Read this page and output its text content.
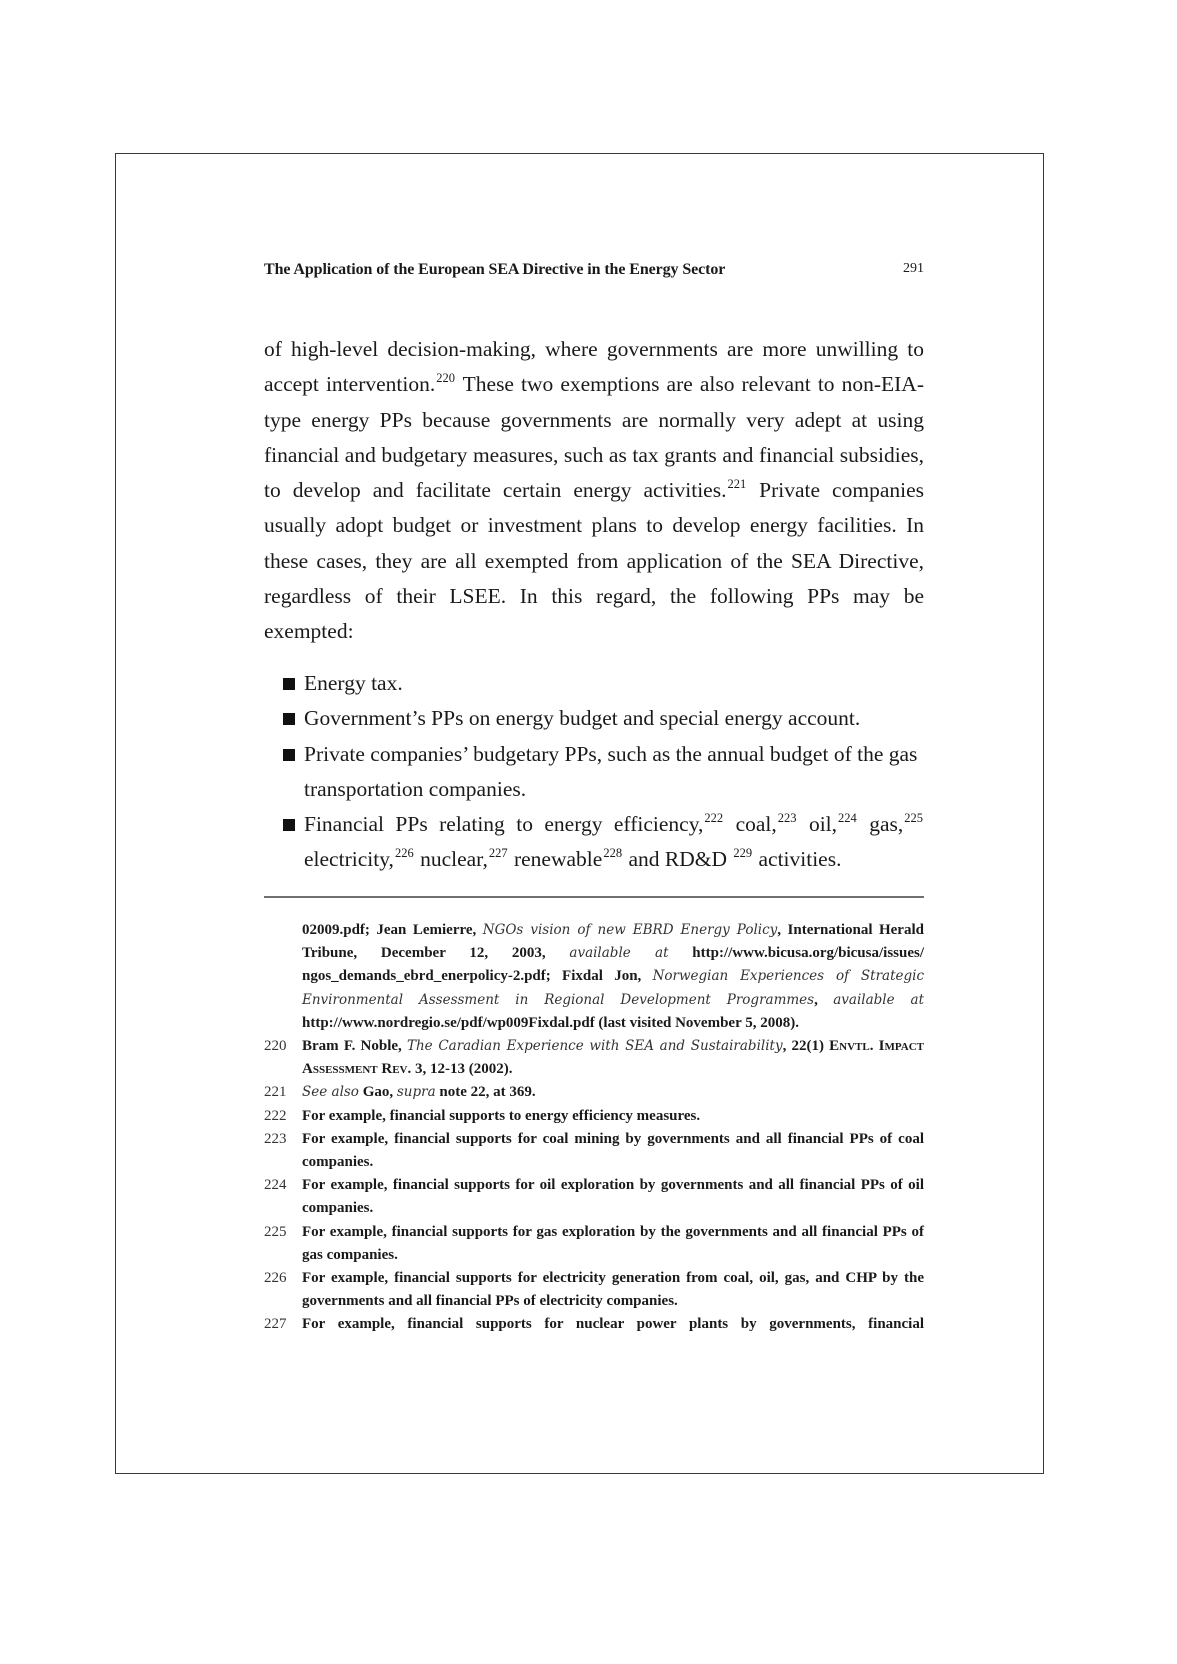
The Application of the European SEA Directive in the Energy Sector	291

of high-level decision-making, where governments are more unwilling to accept intervention.$^{220}$ These two exemptions are also relevant to non-EIA-type energy PPs because governments are normally very adept at using financial and budgetary measures, such as tax grants and financial subsidies, to develop and facilitate certain energy activities.$^{221}$ Private companies usually adopt budget or investment plans to develop energy facilities. In these cases, they are all exempted from application of the SEA Directive, regardless of their LSEE. In this regard, the following PPs may be exempted:

Energy tax.
Government’s PPs on energy budget and special energy account.
Private companies’ budgetary PPs, such as the annual budget of the gas transportation companies.
Financial PPs relating to energy efficiency,$^{222}$ coal,$^{223}$ oil,$^{224}$ gas,$^{225}$ electricity,$^{226}$ nuclear,$^{227}$ renewable$^{228}$ and RD&D $^{229}$ activities.
02009.pdf; Jean Lemierre, NGOs vision of new EBRD Energy Policy, International Herald Tribune, December 12, 2003, available at http://www.bicusa.org/bicusa/issues/ ngos_demands_ebrd_enerpolicy-2.pdf; Fixdal Jon, Norwegian Experiences of Strategic Environmental Assessment in Regional Development Programmes, available at http://www.nordregio.se/pdf/wp009Fixdal.pdf (last visited November 5, 2008).
220 Bram F. Noble, The Caradian Experience with SEA and Sustairability, 22(1) Envtl. Impact Assessment Rev. 3, 12-13 (2002).
221 See also Gao, supra note 22, at 369.
222 For example, financial supports to energy efficiency measures.
223 For example, financial supports for coal mining by governments and all financial PPs of coal companies.
224 For example, financial supports for oil exploration by governments and all financial PPs of oil companies.
225 For example, financial supports for gas exploration by the governments and all financial PPs of gas companies.
226 For example, financial supports for electricity generation from coal, oil, gas, and CHP by the governments and all financial PPs of electricity companies.
227 For example, financial supports for nuclear power plants by governments, financial
